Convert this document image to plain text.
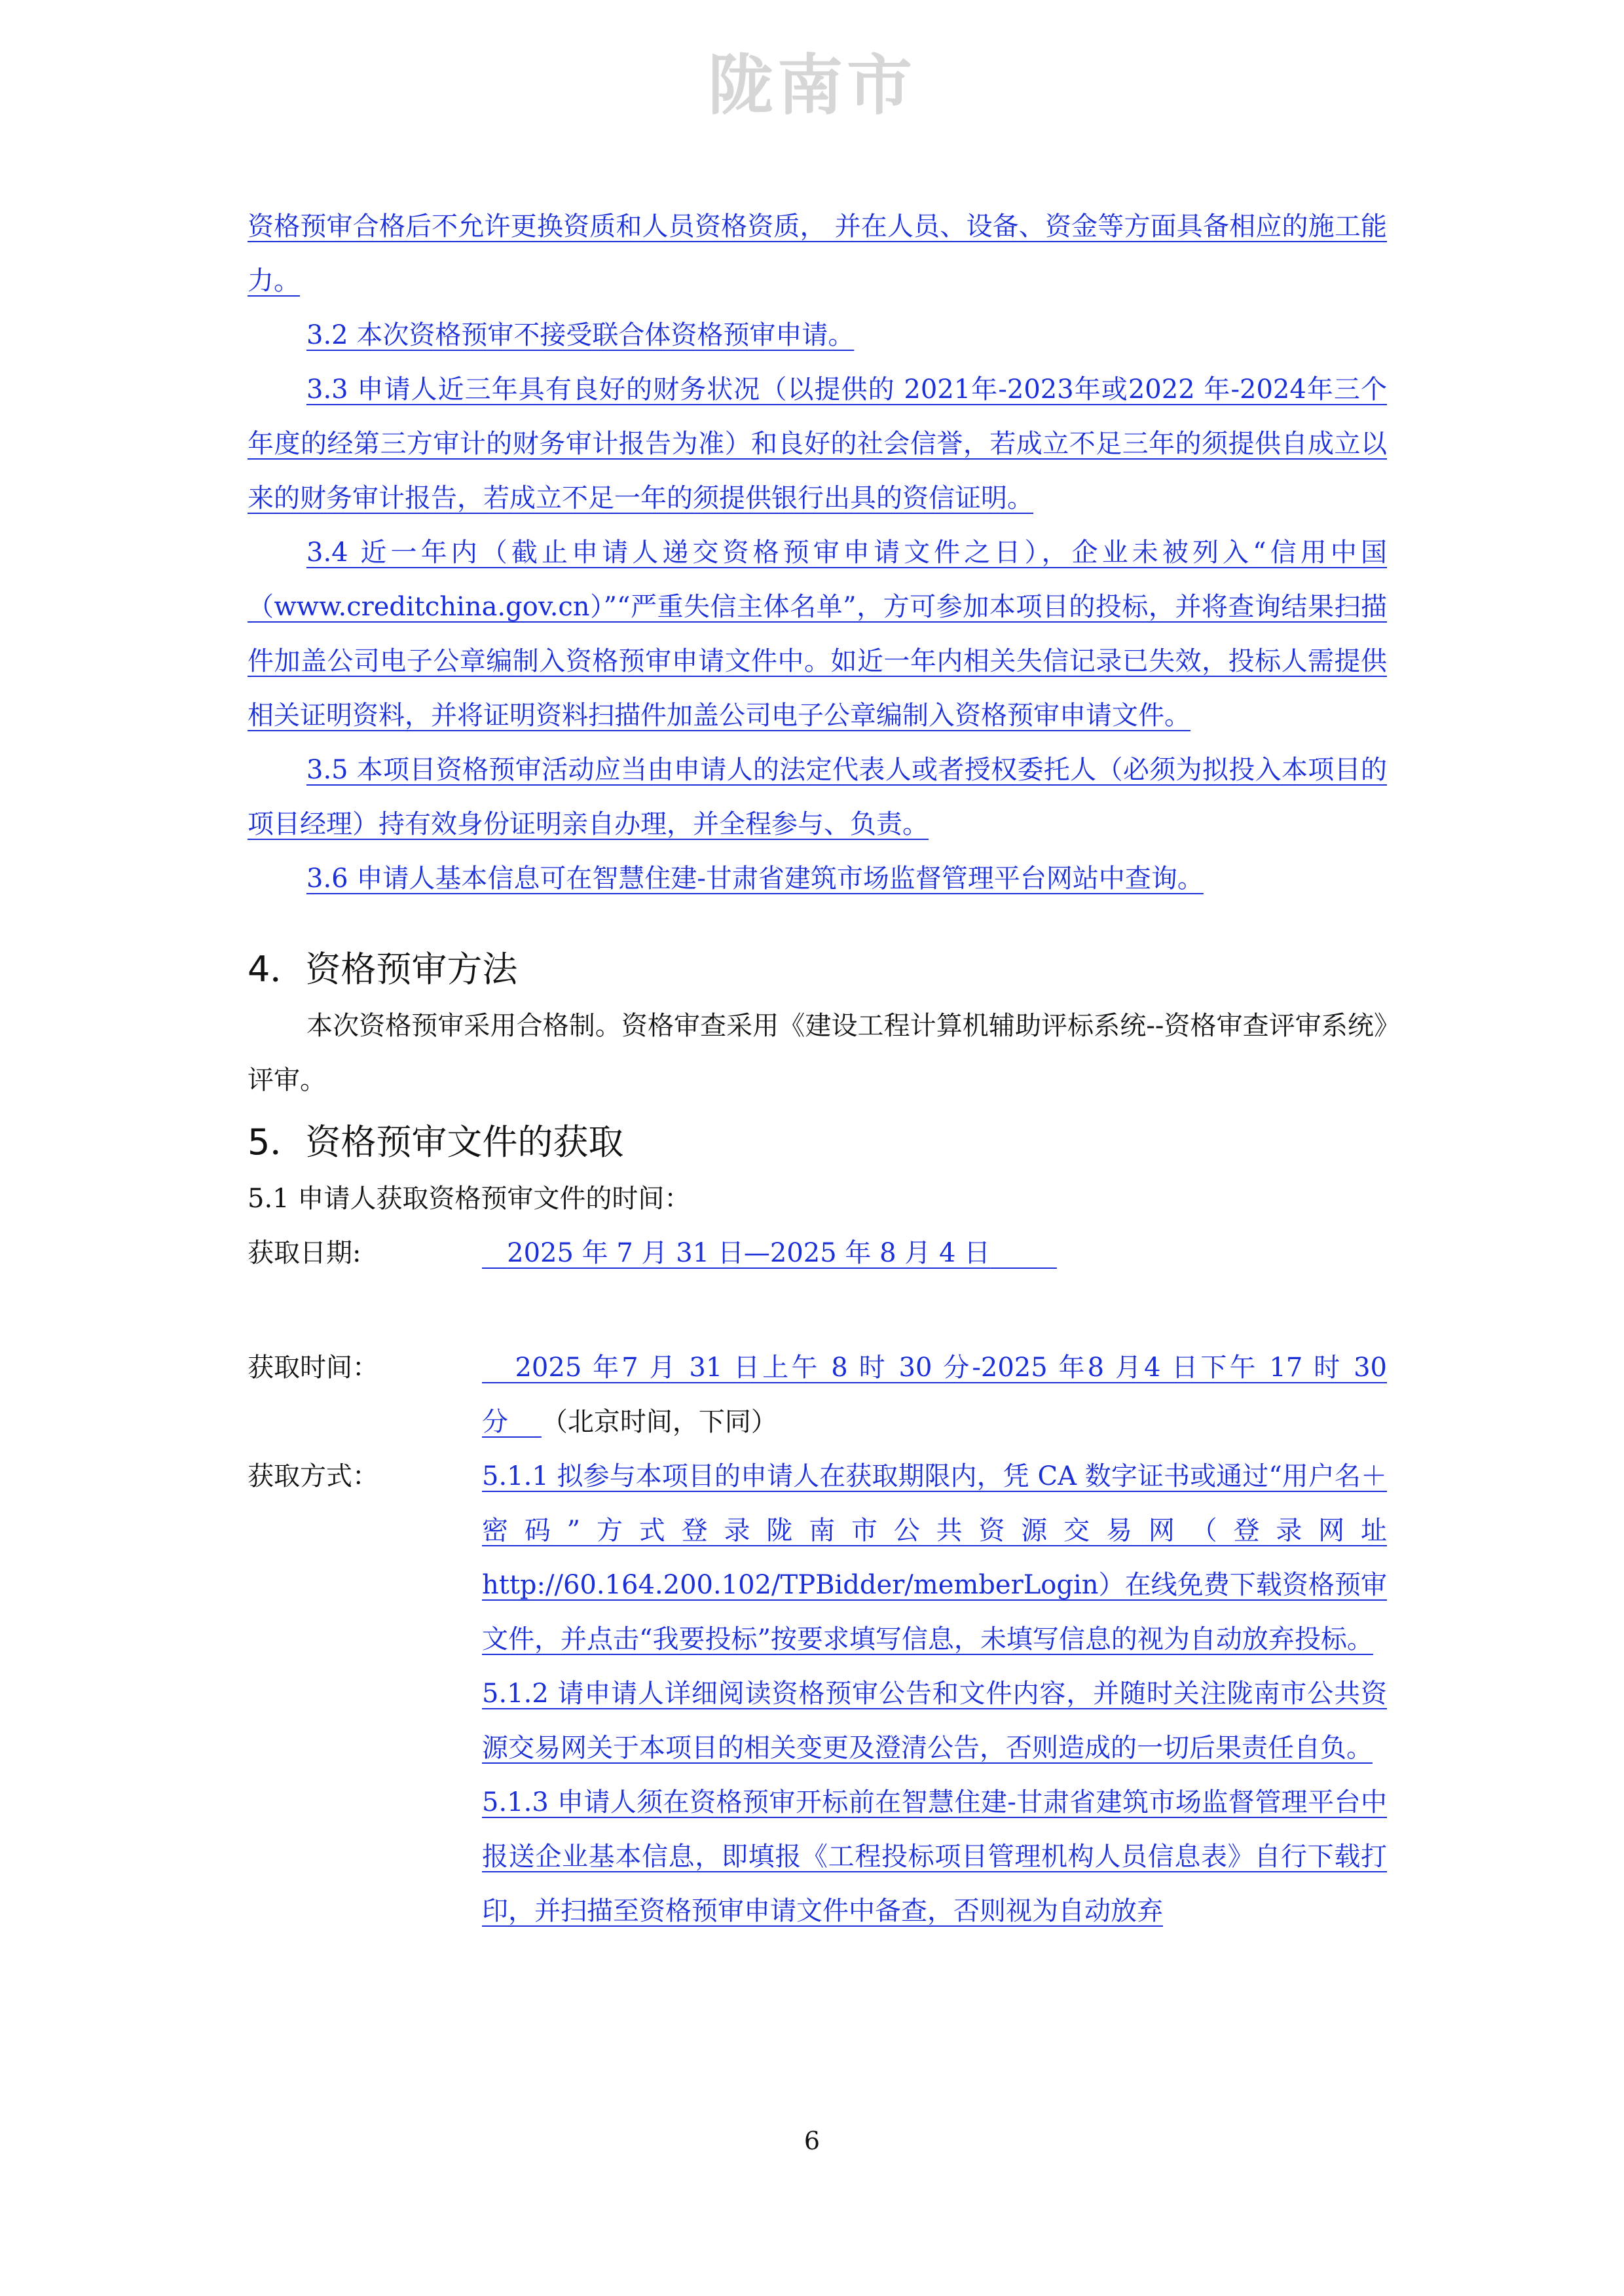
陇南市
资格预审合格后不允许更换资质和人员资格资质， 并在人员、设备、资金等方面具备相应的施工能力。
3.2 本次资格预审不接受联合体资格预审申请。
3.3 申请人近三年具有良好的财务状况（以提供的 2021年-2023年或2022 年-2024年三个年度的经第三方审计的财务审计报告为准）和良好的社会信誉，若成立不足三年的须提供自成立以来的财务审计报告，若成立不足一年的须提供银行出具的资信证明。
3.4 近一年内（截止申请人递交资格预审申请文件之日），企业未被列入“信用中国（www.creditchina.gov.cn）”“严重失信主体名单”，方可参加本项目的投标，并将查询结果扫描件加盖公司电子公章编制入资格预审申请文件中。如近一年内相关失信记录已失效，投标人需提供相关证明资料，并将证明资料扫描件加盖公司电子公章编制入资格预审申请文件。
3.5 本项目资格预审活动应当由申请人的法定代表人或者授权委托人（必须为拟投入本项目的项目经理）持有效身份证明亲自办理，并全程参与、负责。
3.6 申请人基本信息可在智慧住建-甘肃省建筑市场监督管理平台网站中查询。
4．资格预审方法
本次资格预审采用合格制。资格审查采用《建设工程计算机辅助评标系统--资格审查评审系统》评审。
5．资格预审文件的获取
5.1 申请人获取资格预审文件的时间：
获取日期:	2025 年 7 月 31 日—2025 年 8 月 4 日
获取时间：	2025 年7 月 31 日上午 8 时 30 分-2025 年8 月4 日下午 17 时 30 分 （北京时间，下同）
获取方式：	5.1.1 拟参与本项目的申请人在获取期限内，凭 CA 数字证书或通过“用户名＋密码”方式登录陇南市公共资源交易网（登录网址 http://60.164.200.102/TPBidder/memberLogin）在线免费下载资格预审文件，并点击“我要投标”按要求填写信息，未填写信息的视为自动放弃投标。
5.1.2 请申请人详细阅读资格预审公告和文件内容，并随时关注陇南市公共资源交易网关于本项目的相关变更及澄清公告，否则造成的一切后果责任自负。
5.1.3 申请人须在资格预审开标前在智慧住建-甘肃省建筑市场监督管理平台中报送企业基本信息，即填报《工程投标项目管理机构人员信息表》自行下载打印，并扫描至资格预审申请文件中备查，否则视为自动放弃
6
